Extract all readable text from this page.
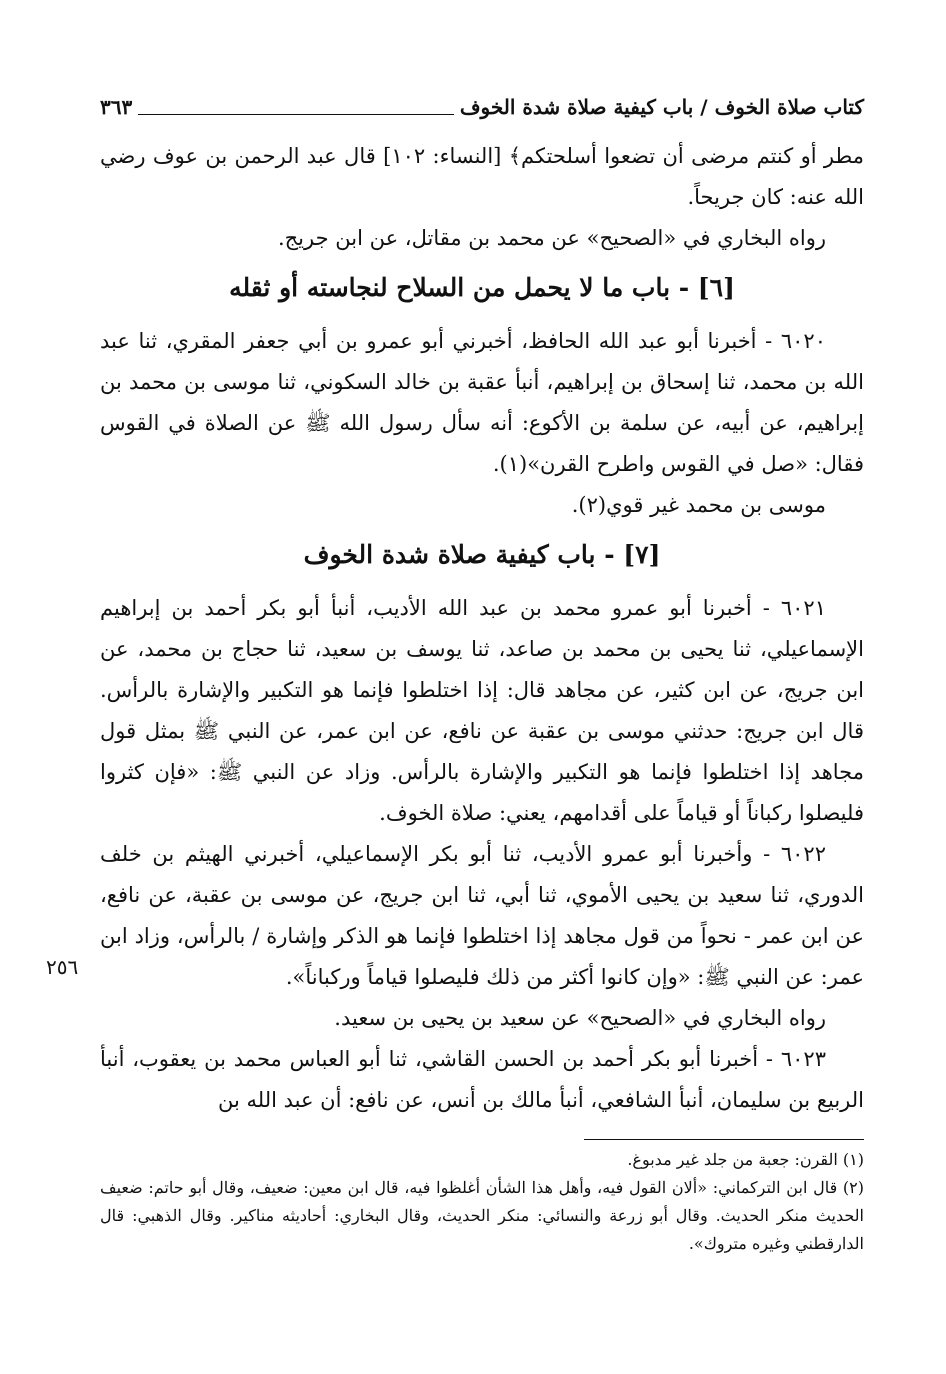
كتاب صلاة الخوف / باب كيفية صلاة شدة الخوف
٣٦٣

مطر أو كنتم مرضى أن تضعوا أسلحتكم﴾ [النساء: ١٠٢] قال عبد الرحمن بن عوف رضي الله عنه: كان جريحاً.

رواه البخاري في «الصحيح» عن محمد بن مقاتل، عن ابن جريج.

[٦] - باب ما لا يحمل من السلاح لنجاسته أو ثقله

٦٠٢٠ - أخبرنا أبو عبد الله الحافظ، أخبرني أبو عمرو بن أبي جعفر المقري، ثنا عبد الله بن محمد، ثنا إسحاق بن إبراهيم، أنبأ عقبة بن خالد السكوني، ثنا موسى بن محمد بن إبراهيم، عن أبيه، عن سلمة بن الأكوع: أنه سأل رسول الله ﷺ عن الصلاة في القوس فقال: «صل في القوس واطرح القرن»(١).

موسى بن محمد غير قوي(٢).

[٧] - باب كيفية صلاة شدة الخوف

٦٠٢١ - أخبرنا أبو عمرو محمد بن عبد الله الأديب، أنبأ أبو بكر أحمد بن إبراهيم الإسماعيلي، ثنا يحيى بن محمد بن صاعد، ثنا يوسف بن سعيد، ثنا حجاج بن محمد، عن ابن جريج، عن ابن كثير، عن مجاهد قال: إذا اختلطوا فإنما هو التكبير والإشارة بالرأس. قال ابن جريج: حدثني موسى بن عقبة عن نافع، عن ابن عمر، عن النبي ﷺ بمثل قول مجاهد إذا اختلطوا فإنما هو التكبير والإشارة بالرأس. وزاد عن النبي ﷺ: «فإن كثروا فليصلوا ركباناً أو قياماً على أقدامهم، يعني: صلاة الخوف.

٦٠٢٢ - وأخبرنا أبو عمرو الأديب، ثنا أبو بكر الإسماعيلي، أخبرني الهيثم بن خلف الدوري، ثنا سعيد بن يحيى الأموي، ثنا أبي، ثنا ابن جريج، عن موسى بن عقبة، عن نافع، عن ابن عمر - نحواً من قول مجاهد إذا اختلطوا فإنما هو الذكر وإشارة / بالرأس، وزاد ابن عمر: عن النبي ﷺ: «وإن كانوا أكثر من ذلك فليصلوا قياماً وركباناً».

رواه البخاري في «الصحيح» عن سعيد بن يحيى بن سعيد.

٦٠٢٣ - أخبرنا أبو بكر أحمد بن الحسن القاشي، ثنا أبو العباس محمد بن يعقوب، أنبأ الربيع بن سليمان، أنبأ الشافعي، أنبأ مالك بن أنس، عن نافع: أن عبد الله بن

(١) القرن: جعبة من جلد غير مدبوغ.

(٢) قال ابن التركماني: «ألان القول فيه، وأهل هذا الشأن أغلظوا فيه، قال ابن معين: ضعيف، وقال أبو حاتم: ضعيف الحديث منكر الحديث. وقال أبو زرعة والنسائي: منكر الحديث، وقال البخاري: أحاديثه مناكير. وقال الذهبي: قال الدارقطني وغيره متروك».

٢٥٦
